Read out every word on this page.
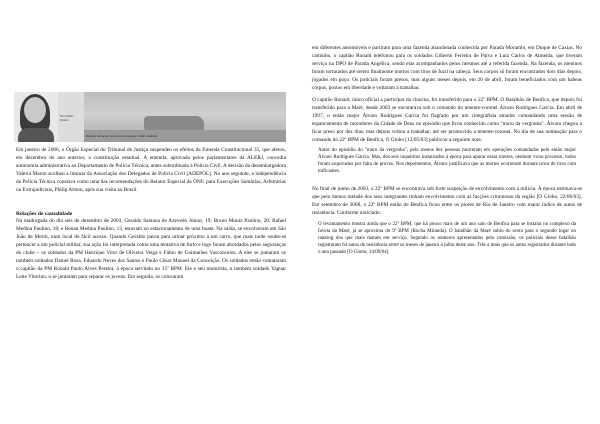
Nice Marie Pereira
Policiais retiraram corpos de Nova Iguaçu / Pedro Andrade

Em janeiro de 2006, o Órgão Especial do Tribunal de Justiça suspendeu os efeitos da Emenda Constitucional 35, que afetou, em dezembro do ano anterior, a constituição estadual. A emenda, aprovada pelos parlamentares da ALERJ, concedia autonomia administrativa ao Departamento de Polícia Técnica, antes subordinada à Polícia Civil. A decisão da desembargadora Valeria Maron acolheu a liminar da Associação dos Delegados de Polícia Civil [ADEPOL]. No ano seguinte, a independência da Polícia Técnica constava como uma das recomendações do Relator Especial da ONU para Execuções Sumárias, Arbitrárias ou Extrajudiciais, Philip Alston, após sua visita ao Brasil.

Relações de casualidade

Na madrugada do dia seis de dezembro de 2003, Geraldo Santana de Azevedo Júnior, 19; Bruno Muniz Paulino, 20; Rafael Medina Paulino, 18; e Renan Medina Paulino, 13, estavam no estacionamento de uma boate. Na saída, se envolveram em São João de Meriti, num local de fácil acesso. Quando Geraldo parou para urinar próximo a um carro, que mais tarde soube-se pertencer a um policial militar, sua ação foi interpretada como uma tentativa de furto e logo foram abordados pelos seguranças do clube – os soldados da PM Henrique Vitor de Oliveira Veiga e Fábio de Guimarães Vasconcelos. A eles se juntaram os também soldados Daniel Rosa, Eduardo Neves dos Santos e Paulo César Manoel da Conceição. Os soldados então contataram o capitão da PM Ronald Paulo Alves Pereira, à época servindo no 15º BPM. Ele e seu motorista, o também soldado Yaguar Leite Vitorino, o se juntaram para separar os jovens. Em seguida, os colocaram

em diferentes automóveis e partiram para uma fazenda abandonada conhecida por Parada Morambi, em Duque de Caxias. No caminho, o capitão Ronald telefonou para os soldados Gilberto Ferreira de Paiva e Luiz Carlos de Almeida, que tiveram serviço na DPO de Parada Angélica, sendo elas acompanhados pelos mesmos até a referida fazenda. Na fazenda, os meninos foram torturados até serem finalmente mortos com tiros de fuzil na cabeça. Seus corpos só foram encontrados dois dias depois, jogados em poço. Os policiais foram presos, mas alguns meses depois, em 20 de abril, foram beneficiados com um habeas corpus, postos em liberdade e voltaram a trabalhar.

O capitão Ronald, único oficial a participar da chacina, foi transferido para o 22º BPM. O Batalhão de Benfica, que depois foi transferido para a Maré, desde 2003 se encontrava sob o comando do tenente-coronel Álvaro Rodrigues Garcia. Em abril de 1997, o então major Álvaro Rodrigues Garcia foi flagrado por um cinegrafista amador comandando uma sessão de espancamento de moradores da Cidade de Deus no episódio que ficou conhecido como "muro da vergonha". Álvaro chegou a ficar preso por dez dias, mas depois voltou a trabalhar, até ser promovido a tenente-coronel. No dia de sua nomeação para o comando do 22º BPM de Benfica, O Globo [12/05/03] publicou a seguinte nota:

Autor do episódio do "muro da vergonha", pelo menos dez pessoas morreram em operações comandadas pelo então major Álvaro Rodrigues Garcia. Mas, dos seis inquéritos instaurados à época para apurar essas mortes, nenhum virou processo, todos foram arquivados por falta de provas. Nos depoimentos, Álvaro justificava que as mortes ocorreram durante troca de tiros com traficantes.

No final de junho de 2003, o 22º BPM se encontrava sob forte suspeição de envolvimento com a milícia. À época estimava-se que pelo menos metade dos seus integrantes tinham envolvimento com as facções criminosas da região [O Globo, 22/06/03]. Em setembro de 2008, o 22º BPM então de Benfica ficou entre os piores de Rio de Janeiro com maior índice de autos de resistência. Conforme noticiado:

O levantamento mostra ainda que o 22º BPM, que há pouco mais de um ano saiu de Benfica para se instalar no complexo da favela da Maré, já se aproxima do 9º BPM (Rocha Miranda). O batalhão da Maré subiu do sexto para o segundo lugar no ranking dos que mais matam em serviço. Segundo os números apresentados pela comissão, os policiais desse batalhão registraram 64 autos de resistência entre os meses de janeiro a julho deste ano. Três a mais que os autos registrados durante todo o ano passado [O Globo, 14/09/04].
